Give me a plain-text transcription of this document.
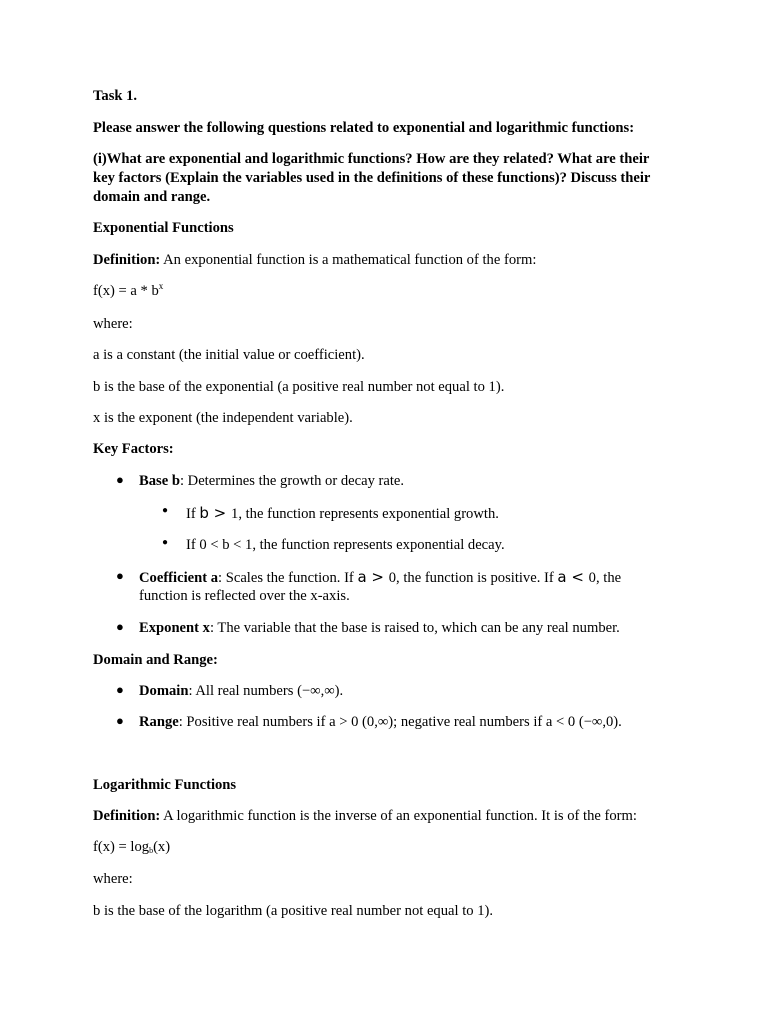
Task 1.
Please answer the following questions related to exponential and logarithmic functions:
(i)What are exponential and logarithmic functions? How are they related? What are their key factors (Explain the variables used in the definitions of these functions)? Discuss their domain and range.
Exponential Functions
Definition: An exponential function is a mathematical function of the form:
$f(x) = a * b^x$
where:
a is a constant (the initial value or coefficient).
b is the base of the exponential (a positive real number not equal to 1).
x is the exponent (the independent variable).
Key Factors:
● Base b: Determines the growth or decay rate.
● If b > 1, the function represents exponential growth.
● If 0 < b < 1, the function represents exponential decay.
● Coefficient a: Scales the function. If a > 0, the function is positive. If a < 0, the
function is reflected over the x-axis.
● Exponent x: The variable that the base is raised to, which can be any real number.
Domain and Range:
● Domain: All real numbers (−∞,∞).
● Range: Positive real numbers if a > 0 (0,∞); negative real numbers if a < 0 (−∞,0).
Logarithmic Functions
Definition: A logarithmic function is the inverse of an exponential function. It is of the form:
$f(x) = \log_b(x)$
where:
b is the base of the logarithm (a positive real number not equal to 1).
